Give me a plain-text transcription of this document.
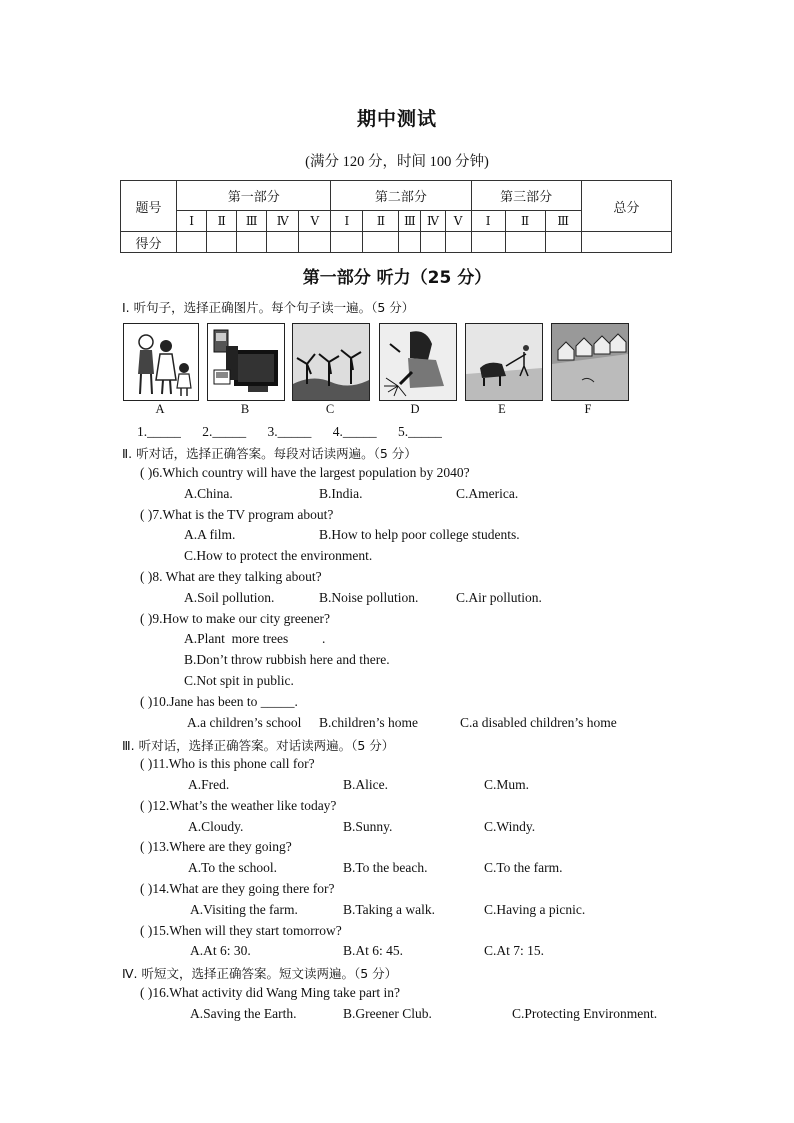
期中测试
(满分 120 分，时间 100 分钟)
题号	第一部分					第二部分					第三部分			总分
	Ⅰ	Ⅱ	Ⅲ	Ⅳ	Ⅴ	Ⅰ	Ⅱ	Ⅲ	Ⅳ	Ⅴ	Ⅰ	Ⅱ	Ⅲ	
得分														
第一部分 听力（25 分）
Ⅰ. 听句子，选择正确图片。每个句子读一遍。（5 分）
A	B	C	D	E	F
1._____ 2._____ 3._____ 4._____ 5._____
Ⅱ. 听对话，选择正确答案。每段对话读两遍。（5 分）
( )6.Which country will have the largest population by 2040?
A.China.	B.India.	C.America.
( )7.What is the TV program about?
A.A film.	B.How to help poor college students.
C.How to protect the environment.
( )8. What are they talking about?
A.Soil pollution.	B.Noise pollution.	C.Air pollution.
( )9.How to make our city greener?
A.Plant  more trees          .
B.Don’t throw rubbish here and there.
C.Not spit in public.
( )10.Jane has been to _____.
A.a children’s school B.children’s home	C.a disabled children’s home
Ⅲ. 听对话，选择正确答案。对话读两遍。（5 分）
( )11.Who is this phone call for?
A.Fred.	B.Alice.	C.Mum.
( )12.What’s the weather like today?
A.Cloudy.	B.Sunny.	C.Windy.
( )13.Where are they going?
A.To the school.	B.To the beach.	C.To the farm.
( )14.What are they going there for?
A.Visiting the farm.	B.Taking a walk.	C.Having a picnic.
( )15.When will they start tomorrow?
A.At 6: 30.	B.At 6: 45.	C.At 7: 15.
Ⅳ. 听短文，选择正确答案。短文读两遍。（5 分）
( )16.What activity did Wang Ming take part in?
A.Saving the Earth.	B.Greener Club.	C.Protecting Environment.
